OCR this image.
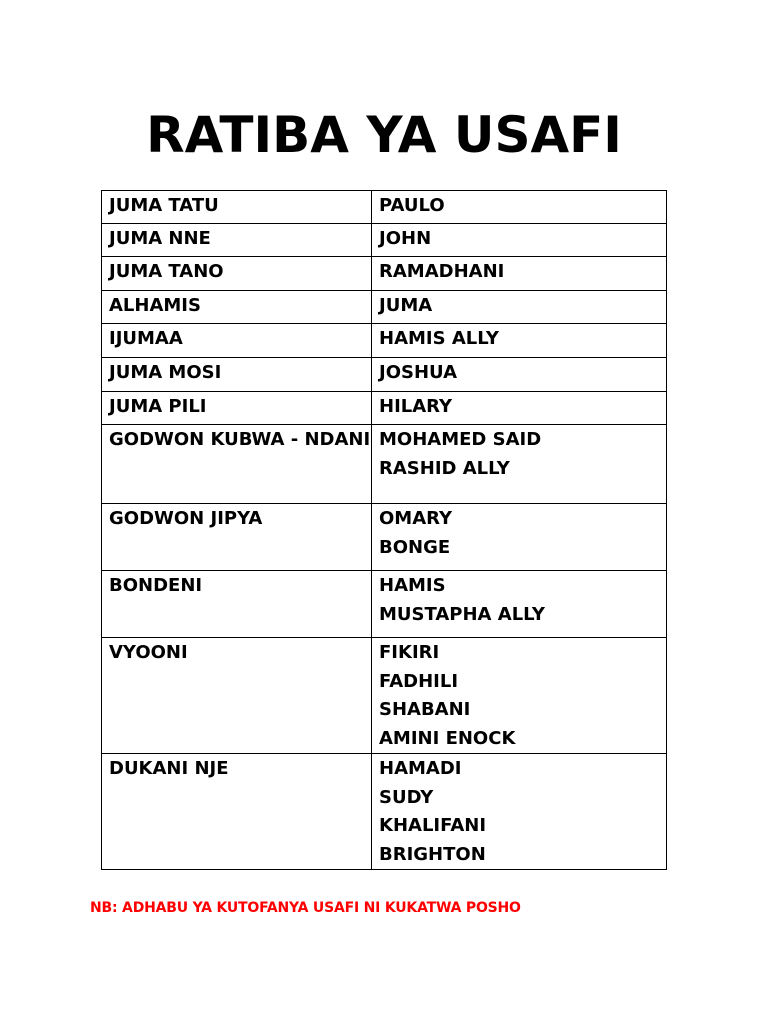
RATIBA YA USAFI
JUMA TATU	PAULO

JUMA NNE	JOHN

JUMA TANO	RAMADHANI

ALHAMIS	JUMA

IJUMAA	HAMIS ALLY

JUMA MOSI	JOSHUA

JUMA PILI	HILARY

GODWON KUBWA - NDANI	MOHAMED SAID
RASHID ALLY

GODWON JIPYA	OMARY
BONGE

BONDENI	HAMIS
MUSTAPHA ALLY

VYOONI	FIKIRI
FADHILI
SHABANI
AMINI ENOCK

DUKANI NJE	HAMADI
SUDY
KHALIFANI
BRIGHTON
NB: ADHABU YA KUTOFANYA USAFI NI KUKATWA POSHO
